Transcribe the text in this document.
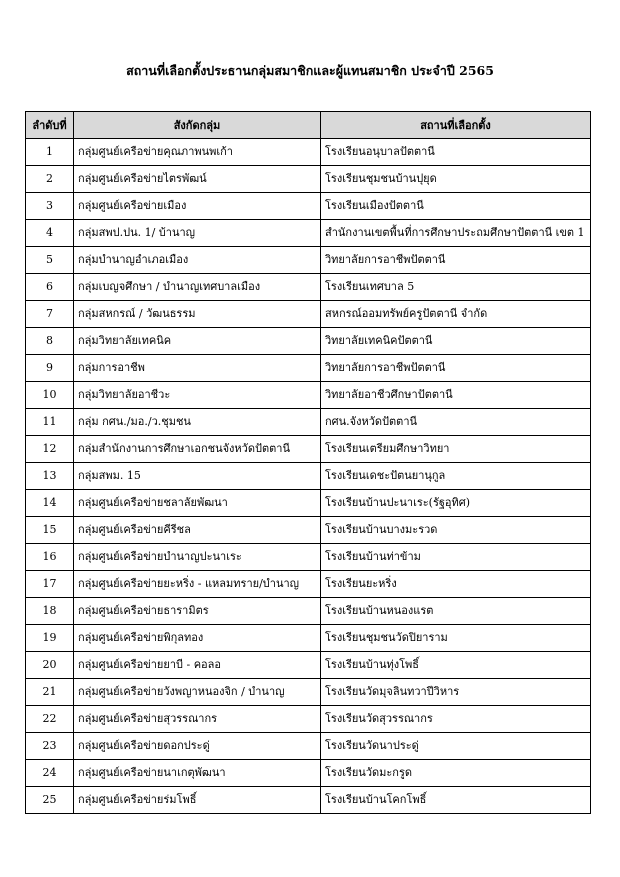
สถานที่เลือกตั้งประธานกลุ่มสมาชิกและผู้แทนสมาชิก ประจำปี 2565
ลำดับที่	สังกัดกลุ่ม	สถานที่เลือกตั้ง
1	กลุ่มศูนย์เครือข่ายคุณภาพนพเก้า	โรงเรียนอนุบาลปัตตานี
2	กลุ่มศูนย์เครือข่ายไตรพัฒน์	โรงเรียนชุมชนบ้านปุยุด
3	กลุ่มศูนย์เครือข่ายเมือง	โรงเรียนเมืองปัตตานี
4	กลุ่มสพป.ปน. 1/ บ้านาญ	สำนักงานเขตพื้นที่การศึกษาประถมศึกษาปัตตานี เขต 1
5	กลุ่มบำนาญอำเภอเมือง	วิทยาลัยการอาชีพปัตตานี
6	กลุ่มเบญจศึกษา / บำนาญเทศบาลเมือง	โรงเรียนเทศบาล 5
7	กลุ่มสหกรณ์ / วัฒนธรรม	สหกรณ์ออมทรัพย์ครูปัตตานี จำกัด
8	กลุ่มวิทยาลัยเทคนิค	วิทยาลัยเทคนิคปัตตานี
9	กลุ่มการอาชีพ	วิทยาลัยการอาชีพปัตตานี
10	กลุ่มวิทยาลัยอาชีวะ	วิทยาลัยอาชีวศึกษาปัตตานี
11	กลุ่ม กศน./มอ./ว.ชุมชน	กศน.จังหวัดปัตตานี
12	กลุ่มสำนักงานการศึกษาเอกชนจังหวัดปัตตานี	โรงเรียนเตรียมศึกษาวิทยา
13	กลุ่มสพม. 15	โรงเรียนเดชะปัตนยานุกูล
14	กลุ่มศูนย์เครือข่ายชลาลัยพัฒนา	โรงเรียนบ้านปะนาเระ(รัฐอุทิศ)
15	กลุ่มศูนย์เครือข่ายคีรีชล	โรงเรียนบ้านบางมะรวด
16	กลุ่มศูนย์เครือข่ายบำนาญปะนาเระ	โรงเรียนบ้านท่าข้าม
17	กลุ่มศูนย์เครือข่ายยะหริ่ง - แหลมทราย/บำนาญ	โรงเรียนยะหริ่ง
18	กลุ่มศูนย์เครือข่ายธารามิตร	โรงเรียนบ้านหนองแรต
19	กลุ่มศูนย์เครือข่ายพิกุลทอง	โรงเรียนชุมชนวัดปิยาราม
20	กลุ่มศูนย์เครือข่ายยาบี - คอลอ	โรงเรียนบ้านทุ่งโพธิ์
21	กลุ่มศูนย์เครือข่ายวังพญาหนองจิก / บำนาญ	โรงเรียนวัดมุจลินทวาปีวิหาร
22	กลุ่มศูนย์เครือข่ายสุวรรณากร	โรงเรียนวัดสุวรรณากร
23	กลุ่มศูนย์เครือข่ายดอกประดู่	โรงเรียนวัดนาประดู่
24	กลุ่มศูนย์เครือข่ายนาเกตุพัฒนา	โรงเรียนวัดมะกรูด
25	กลุ่มศูนย์เครือข่ายร่มโพธิ์	โรงเรียนบ้านโคกโพธิ์
